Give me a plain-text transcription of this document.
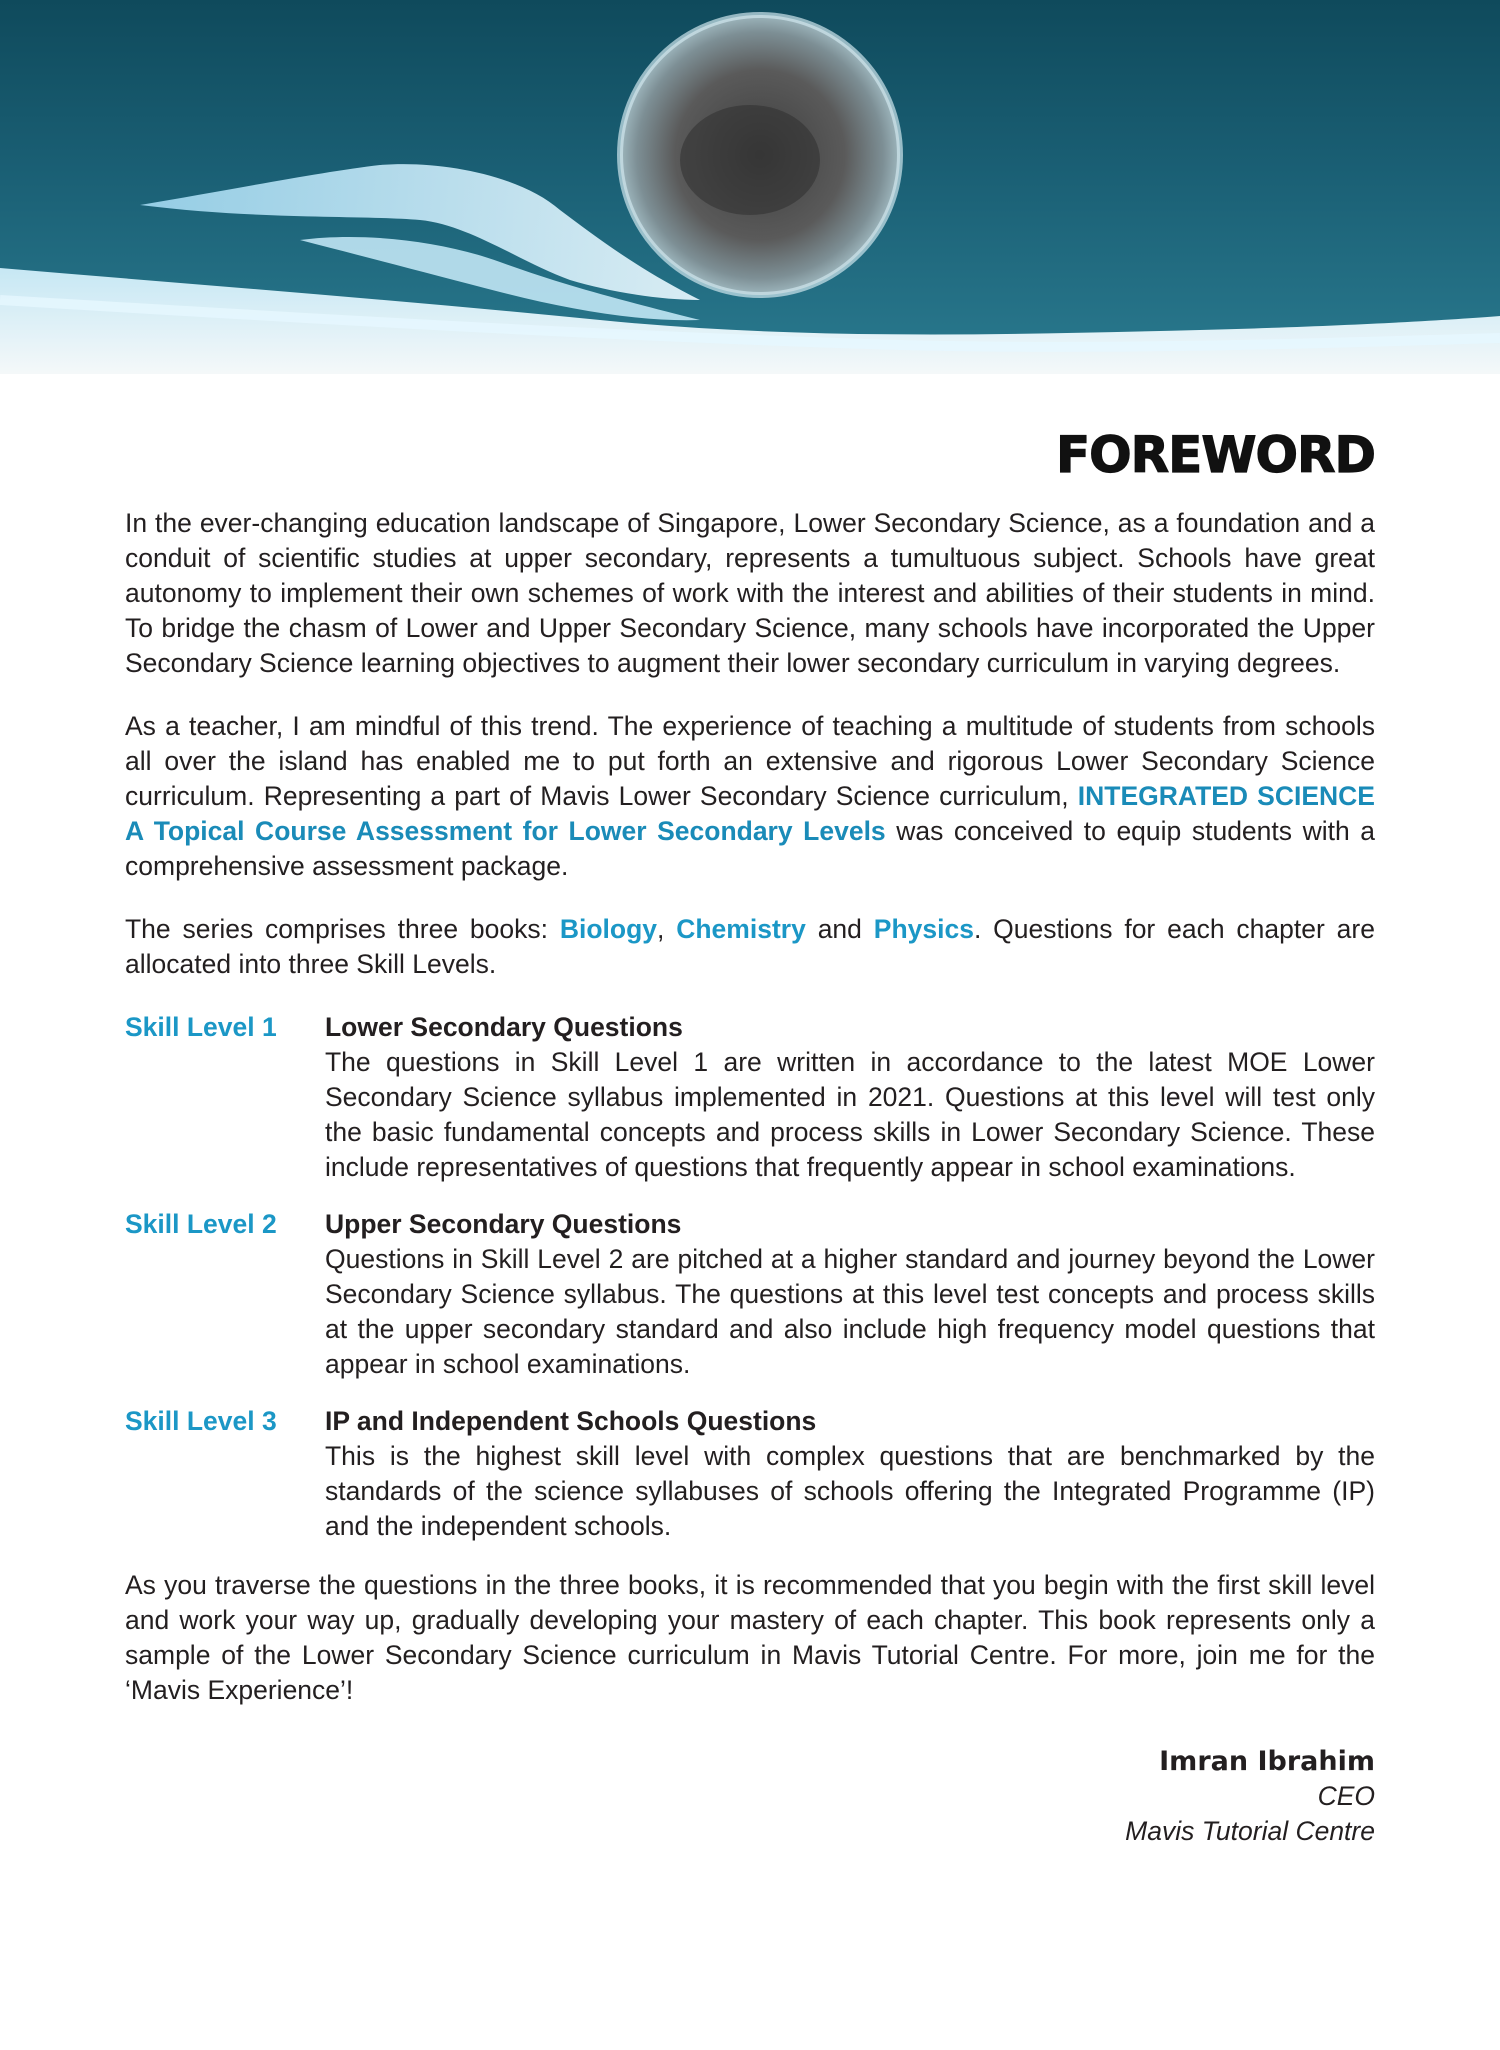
FOREWORD

In the ever-changing education landscape of Singapore, Lower Secondary Science, as a foundation and a conduit of scientific studies at upper secondary, represents a tumultuous subject. Schools have great autonomy to implement their own schemes of work with the interest and abilities of their students in mind. To bridge the chasm of Lower and Upper Secondary Science, many schools have incorporated the Upper Secondary Science learning objectives to augment their lower secondary curriculum in varying degrees.

As a teacher, I am mindful of this trend. The experience of teaching a multitude of students from schools all over the island has enabled me to put forth an extensive and rigorous Lower Secondary Science curriculum. Representing a part of Mavis Lower Secondary Science curriculum, INTEGRATED SCIENCE A Topical Course Assessment for Lower Secondary Levels was conceived to equip students with a comprehensive assessment package.

The series comprises three books: Biology, Chemistry and Physics. Questions for each chapter are allocated into three Skill Levels.

Skill Level 1	Lower Secondary Questions
The questions in Skill Level 1 are written in accordance to the latest MOE Lower Secondary Science syllabus implemented in 2021. Questions at this level will test only the basic fundamental concepts and process skills in Lower Secondary Science. These include representatives of questions that frequently appear in school examinations.
Skill Level 2	Upper Secondary Questions
Questions in Skill Level 2 are pitched at a higher standard and journey beyond the Lower Secondary Science syllabus. The questions at this level test concepts and process skills at the upper secondary standard and also include high frequency model questions that appear in school examinations.
Skill Level 3	IP and Independent Schools Questions
This is the highest skill level with complex questions that are benchmarked by the standards of the science syllabuses of schools offering the Integrated Programme (IP) and the independent schools.

As you traverse the questions in the three books, it is recommended that you begin with the first skill level and work your way up, gradually developing your mastery of each chapter. This book represents only a sample of the Lower Secondary Science curriculum in Mavis Tutorial Centre. For more, join me for the ‘Mavis Experience’!

Imran Ibrahim
CEO
Mavis Tutorial Centre
